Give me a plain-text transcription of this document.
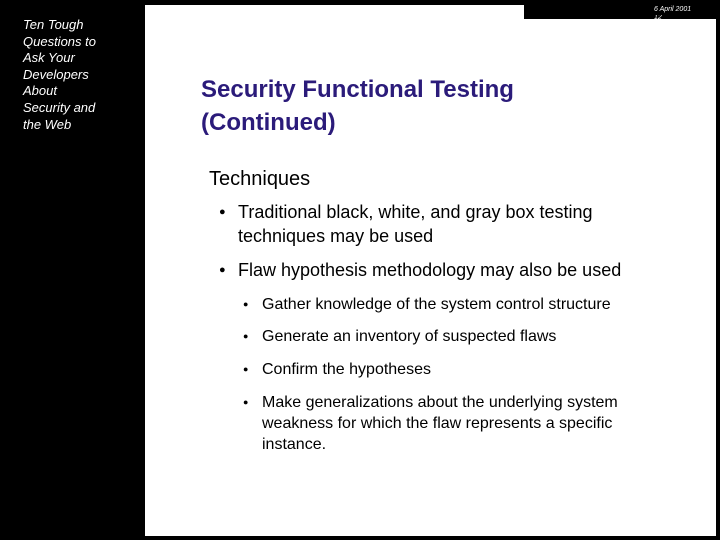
Ten Tough
Questions to
Ask Your
Developers
About
Security and
the Web
6 April 2001
12
Security Functional Testing
(Continued)
Techniques
● Traditional black, white, and gray box testing
techniques may be used
● Flaw hypothesis methodology may also be used
● Gather knowledge of the system control structure
● Generate an inventory of suspected flaws
● Confirm the hypotheses
● Make generalizations about the underlying system
weakness for which the flaw represents a specific
instance.
